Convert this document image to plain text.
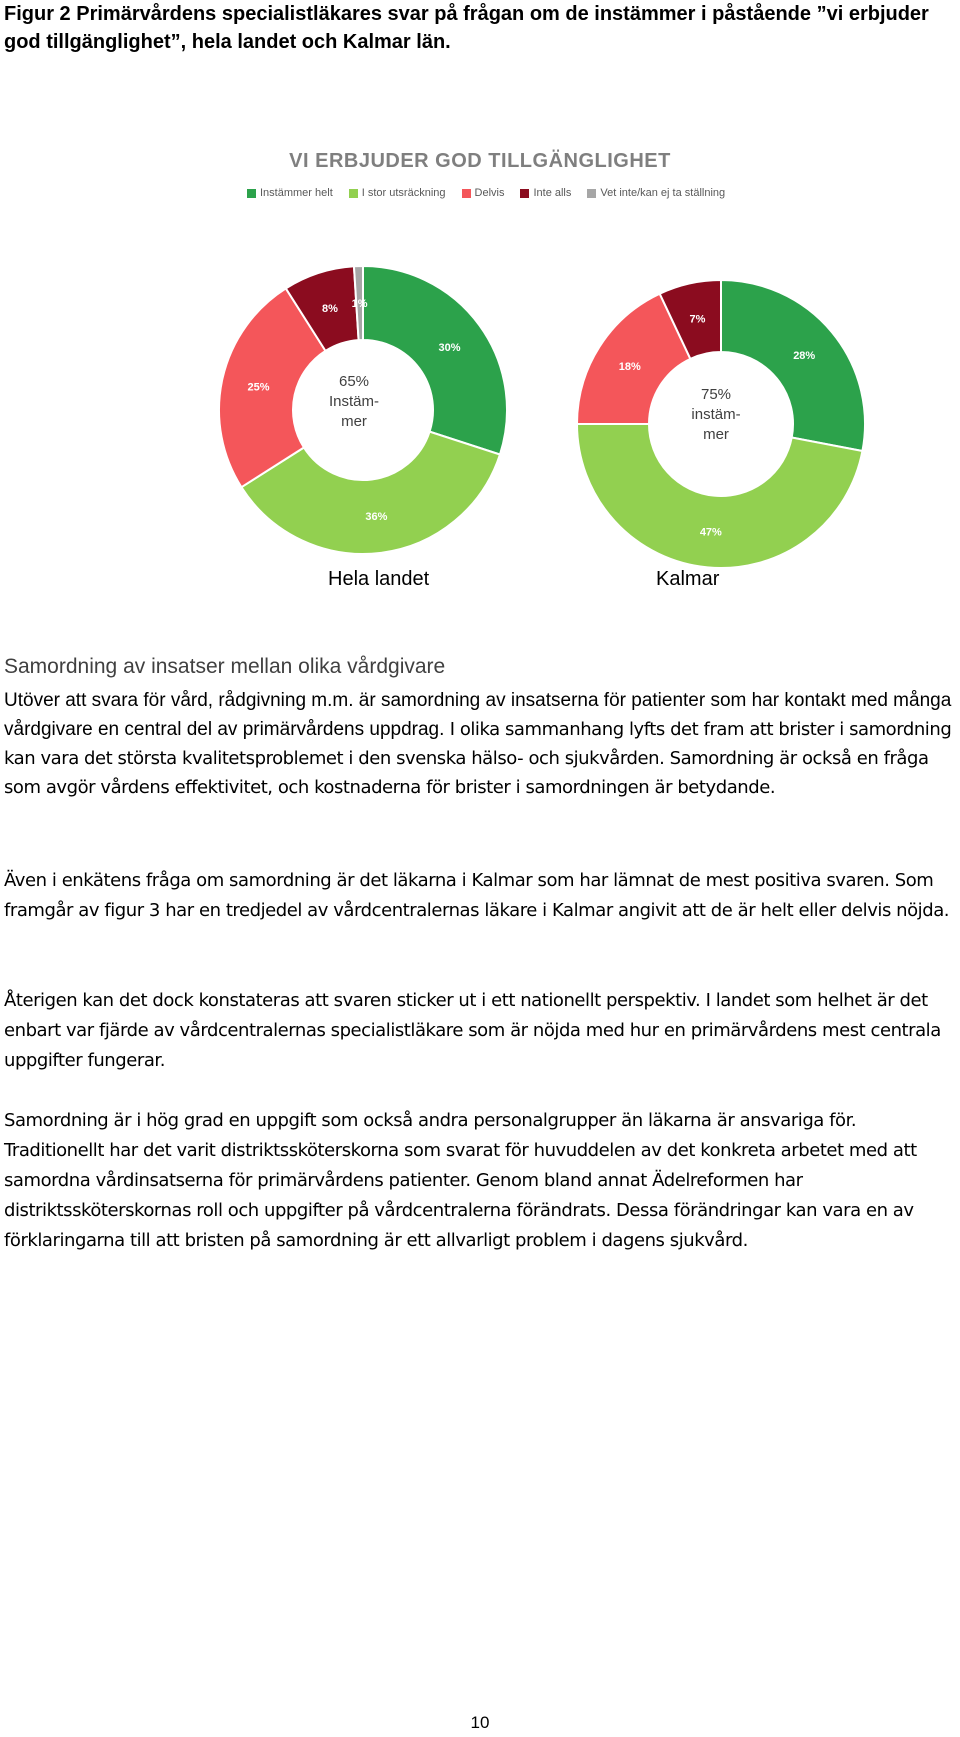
Figur 2 Primärvårdens specialistläkares svar på frågan om de instämmer i påstående ”vi erbjuder god tillgänglighet”, hela landet och Kalmar län.
VI ERBJUDER GOD TILLGÄNGLIGHET
Instämmer helt	I stor utsräckning	Delvis	Inte alls	Vet inte/kan ej ta ställning
30%
36%
25%
8% 1%
28%
47%
18%
7%
65%
Instäm-
mer
75%
instäm-
mer
Hela landet	Kalmar
Samordning av insatser mellan olika vårdgivare

Utöver att svara för vård, rådgivning m.m. är samordning av insatserna för patienter som har kontakt med många vårdgivare en central del av primärvårdens uppdrag. I olika sammanhang lyfts det fram att brister i samordning kan vara det största kvalitetsproblemet i den svenska hälso- och sjukvården. Samordning är också en fråga som avgör vårdens effektivitet, och kostnaderna för brister i samordningen är betydande.

Även i enkätens fråga om samordning är det läkarna i Kalmar som har lämnat de mest positiva svaren. Som framgår av figur 3 har en tredjedel av vårdcentralernas läkare i Kalmar angivit att de är helt eller delvis nöjda.

Återigen kan det dock konstateras att svaren sticker ut i ett nationellt perspektiv. I landet som helhet är det enbart var fjärde av vårdcentralernas specialistläkare som är nöjda med hur en primärvårdens mest centrala uppgifter fungerar.

Samordning är i hög grad en uppgift som också andra personalgrupper än läkarna är ansvariga för. Traditionellt har det varit distriktssköterskorna som svarat för huvuddelen av det konkreta arbetet med att samordna vårdinsatserna för primärvårdens patienter. Genom bland annat Ädelreformen har distriktssköterskornas roll och uppgifter på vårdcentralerna förändrats. Dessa förändringar kan vara en av förklaringarna till att bristen på samordning är ett allvarligt problem i dagens sjukvård.

10
